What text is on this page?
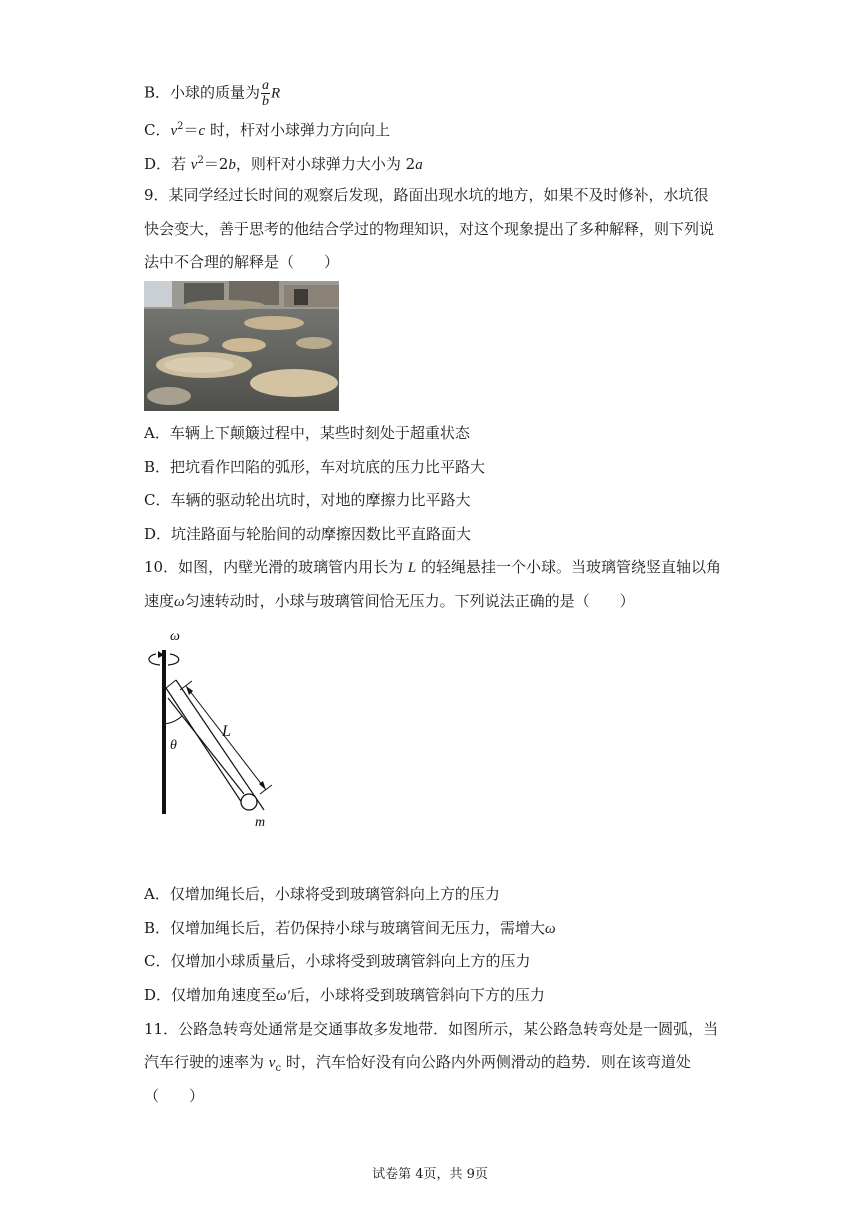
B．小球的质量为 $\frac{a}{b}$ R
C．$v^2=c$ 时，杆对小球弹力方向向上
D．若 $v^2=2b$，则杆对小球弹力大小为 2a
9．某同学经过长时间的观察后发现，路面出现水坑的地方，如果不及时修补，水坑很
快会变大，善于思考的他结合学过的物理知识，对这个现象提出了多种解释，则下列说
法中不合理的解释是（　　）
A．车辆上下颠簸过程中，某些时刻处于超重状态
B．把坑看作凹陷的弧形，车对坑底的压力比平路大
C．车辆的驱动轮出坑时，对地的摩擦力比平路大
D．坑洼路面与轮胎间的动摩擦因数比平直路面大
10．如图，内壁光滑的玻璃管内用长为 L 的轻绳悬挂一个小球。当玻璃管绕竖直轴以角
速度ω匀速转动时，小球与玻璃管间恰无压力。下列说法正确的是（　　）
ω
L
θ
m
A．仅增加绳长后，小球将受到玻璃管斜向上方的压力
B．仅增加绳长后，若仍保持小球与玻璃管间无压力，需增大ω
C．仅增加小球质量后，小球将受到玻璃管斜向上方的压力
D．仅增加角速度至ω′后，小球将受到玻璃管斜向下方的压力
11．公路急转弯处通常是交通事故多发地带．如图所示，某公路急转弯处是一圆弧，当
汽车行驶的速率为 $v_c$ 时，汽车恰好没有向公路内外两侧滑动的趋势．则在该弯道处
（　　）
试卷第 4页，共 9页
